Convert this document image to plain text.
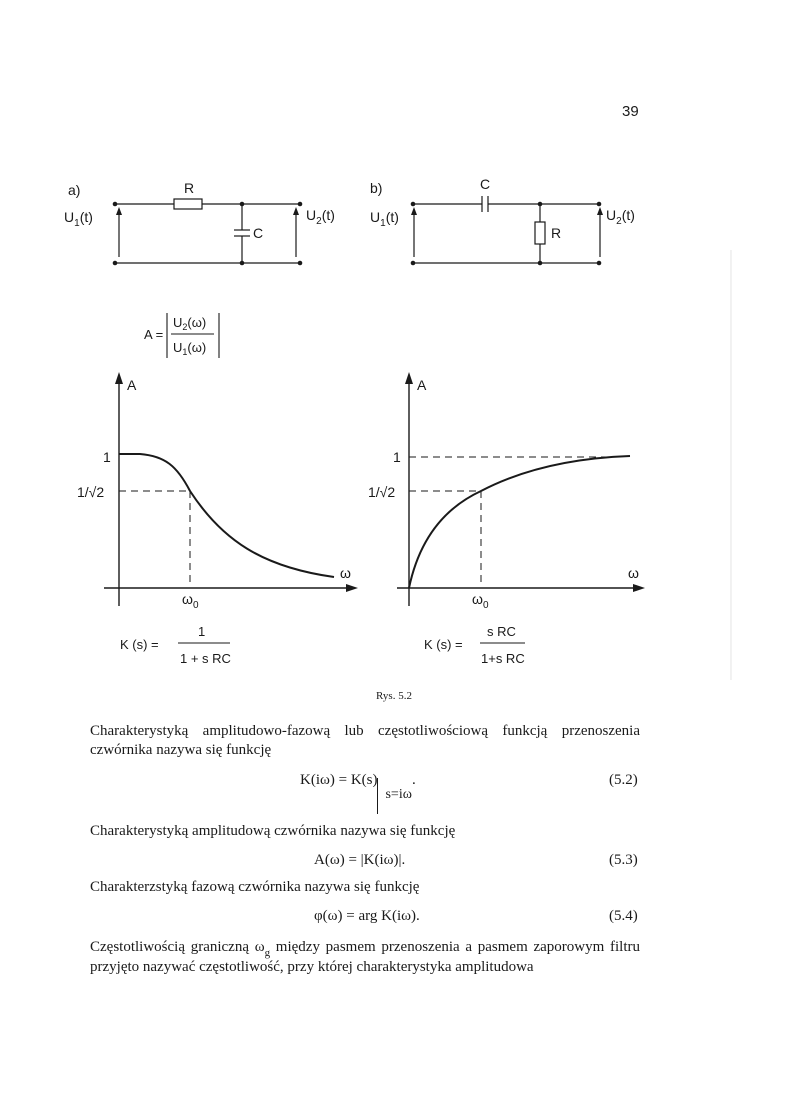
39
a)	R
C
$U_1(t)$	$U_2(t)$
b)	C
R
$U_1(t)$	$U_2(t)$
A =
$U_2(\omega)$
$U_1(\omega)$
A
ω
1
1/√2
$\omega_0$
K (s) =
1
1 + s RC
A
ω
1
1/√2
$\omega_0$
K (s) =
s RC
1+s RC
Rys. 5.2
Charakterystyką amplitudowo-fazową lub częstotliwościową funkcją przenoszenia czwórnika nazywa się funkcję
K(iω) = K(s)
s=iω.	(5.2)
Charakterystyką amplitudową czwórnika nazywa się funkcję
A(ω) = |K(iω)|.	(5.3)
Charakterzstyką fazową czwórnika nazywa się funkcję
φ(ω) = arg K(iω).	(5.4)
Częstotliwością graniczną $\omega_g$ między pasmem przenoszenia a pasmem zaporowym filtru przyjęto nazywać częstotliwość, przy której charakterystyka amplitudowa
